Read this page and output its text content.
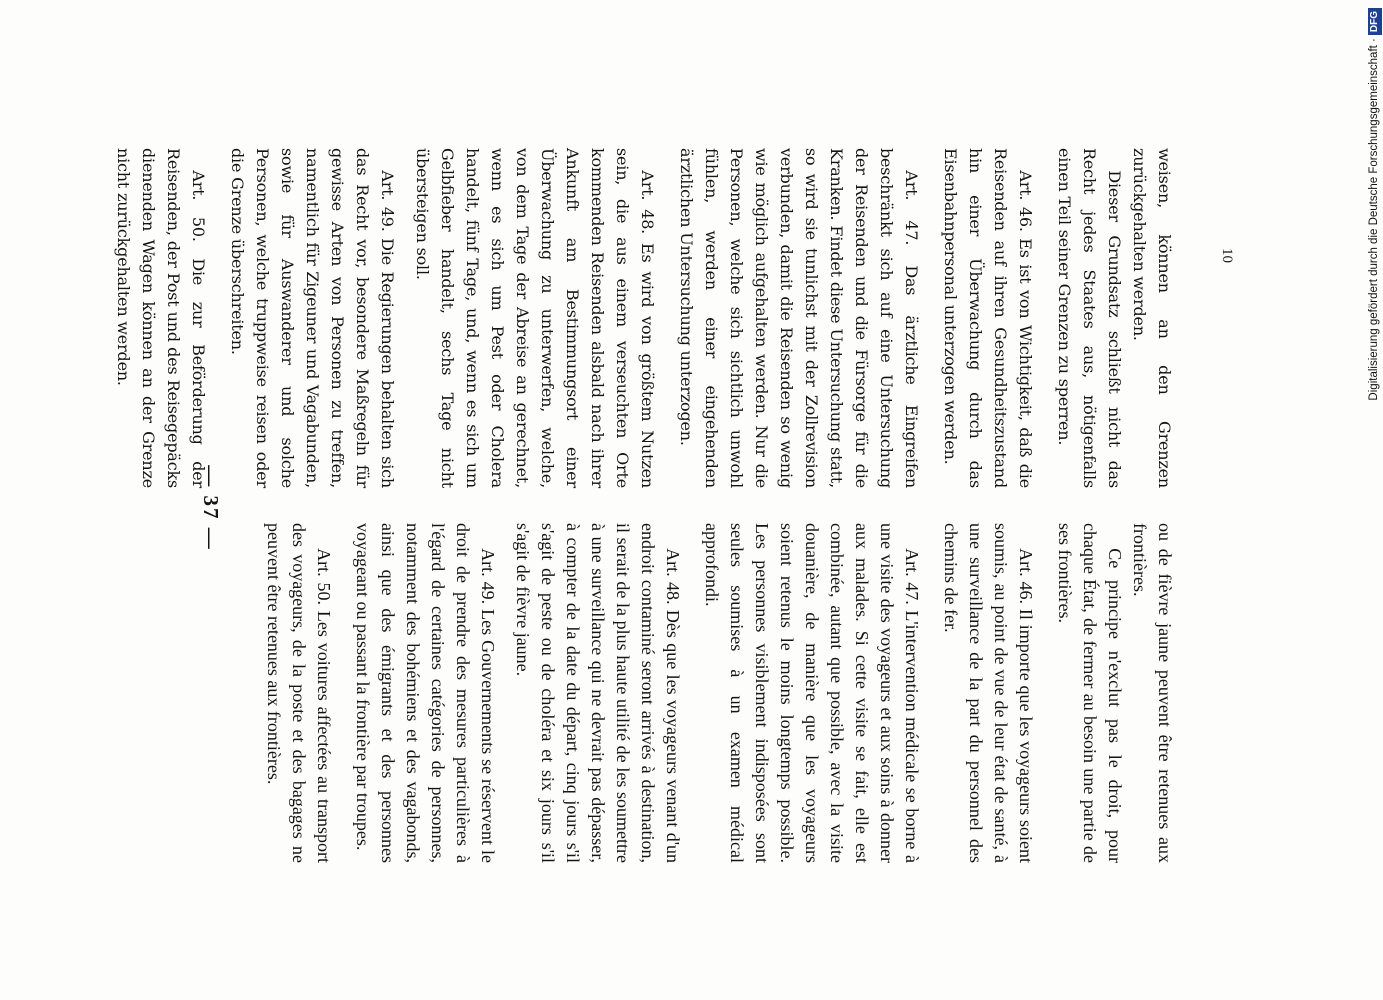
— 37 —
10

weisen, können an den Grenzen zurückgehalten werden.

Dieser Grundsatz schließt nicht das Recht jedes Staates aus, nötigenfalls einen Teil seiner Grenzen zu sperren.

Art. 46. Es ist von Wichtigkeit, daß die Reisenden auf ihren Gesundheitszustand hin einer Überwachung durch das Eisenbahnpersonal unterzogen werden.

Art. 47. Das ärztliche Eingreifen beschränkt sich auf eine Untersuchung der Reisenden und die Fürsorge für die Kranken. Findet diese Untersuchung statt, so wird sie tunlichst mit der Zollrevision verbunden, damit die Reisenden so wenig wie möglich aufgehalten werden. Nur die Personen, welche sich sichtlich unwohl fühlen, werden einer eingehenden ärztlichen Untersuchung unterzogen.

Art. 48. Es wird von größtem Nutzen sein, die aus einem verseuchten Orte kommenden Reisenden alsbald nach ihrer Ankunft am Bestimmungsort einer Überwachung zu unterwerfen, welche, von dem Tage der Abreise an gerechnet, wenn es sich um Pest oder Cholera handelt, fünf Tage, und, wenn es sich um Gelbfieber handelt, sechs Tage nicht übersteigen soll.

Art. 49. Die Regierungen behalten sich das Recht vor, besondere Maßregeln für gewisse Arten von Personen zu treffen, namentlich für Zigeuner und Vagabunden, sowie für Auswanderer und solche Personen, welche truppweise reisen oder die Grenze überschreiten.

Art. 50. Die zur Beförderung der Reisenden, der Post und des Reisegepäcks dienenden Wagen können an der Grenze nicht zurückgehalten werden.

ou de fièvre jaune peuvent être retenues aux frontières.

Ce principe n'exclut pas le droit, pour chaque État, de fermer au besoin une partie de ses frontières.

Art. 46. Il importe que les voyageurs soient soumis, au point de vue de leur état de santé, à une surveillance de la part du personnel des chemins de fer.

Art. 47. L'intervention médicale se borne à une visite des voyageurs et aux soins à donner aux malades. Si cette visite se fait, elle est combinée, autant que possible, avec la visite douanière, de manière que les voyageurs soient retenus le moins longtemps possible. Les personnes visiblement indisposées sont seules soumises à un examen médical approfondi.

Art. 48. Dès que les voyageurs venant d'un endroit contaminé seront arrivés à destination, il serait de la plus haute utilité de les soumettre à une surveillance qui ne devrait pas dépasser, à compter de la date du départ, cinq jours s'il s'agit de peste ou de choléra et six jours s'il s'agit de fièvre jaune.

Art. 49. Les Gouvernements se réservent le droit de prendre des mesures particulières à l'égard de certaines catégories de personnes, notamment des bohémiens et des vagabonds, ainsi que des émigrants et des personnes voyageant ou passant la frontière par troupes.

Art. 50. Les voitures affectées au transport des voyageurs, de la poste et des bagages ne peuvent être retenues aux frontières.

Digitalisierung gefördert durch die Deutsche Forschungsgemeinschaft ·DFG
